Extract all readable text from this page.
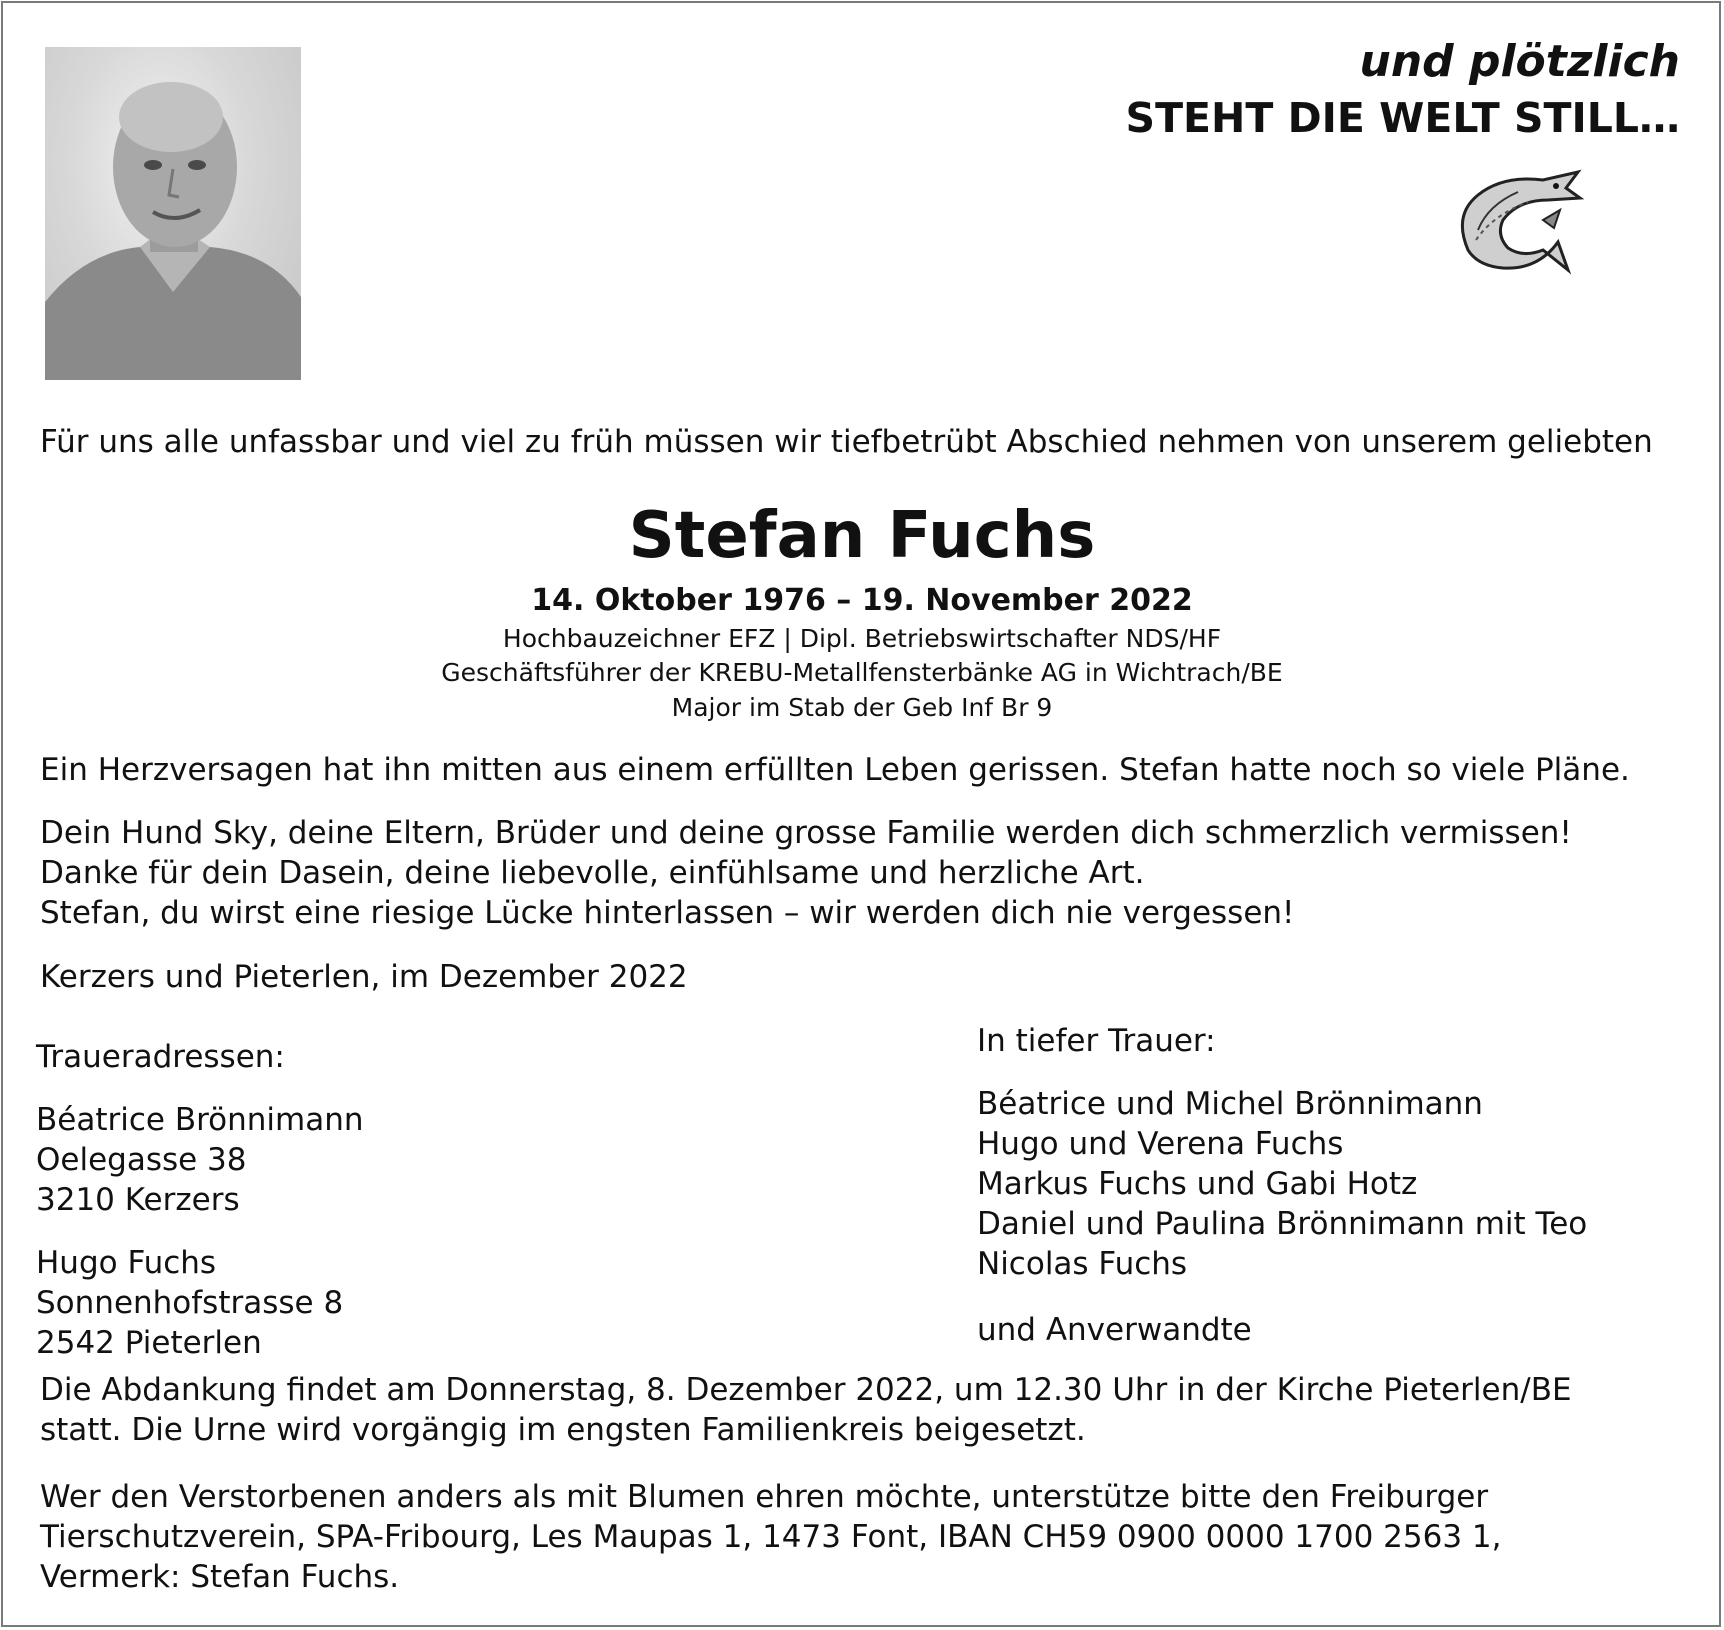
und plötzlich
STEHT DIE WELT STILL…
Für uns alle unfassbar und viel zu früh müssen wir tiefbetrübt Abschied nehmen von unserem geliebten
Stefan Fuchs
14. Oktober 1976 – 19. November 2022
Hochbauzeichner EFZ | Dipl. Betriebswirtschafter NDS/HF
Geschäftsführer der KREBU-Metallfensterbänke AG in Wichtrach/BE
Major im Stab der Geb Inf Br 9
Ein Herzversagen hat ihn mitten aus einem erfüllten Leben gerissen. Stefan hatte noch so viele Pläne.
Dein Hund Sky, deine Eltern, Brüder und deine grosse Familie werden dich schmerzlich vermissen!
Danke für dein Dasein, deine liebevolle, einfühlsame und herzliche Art.
Stefan, du wirst eine riesige Lücke hinterlassen – wir werden dich nie vergessen!
Kerzers und Pieterlen, im Dezember 2022
Traueradressen:
Béatrice Brönnimann
Oelegasse 38
3210 Kerzers
Hugo Fuchs
Sonnenhofstrasse 8
2542 Pieterlen
In tiefer Trauer:
Béatrice und Michel Brönnimann
Hugo und Verena Fuchs
Markus Fuchs und Gabi Hotz
Daniel und Paulina Brönnimann mit Teo
Nicolas Fuchs
und Anverwandte
Die Abdankung findet am Donnerstag, 8. Dezember 2022, um 12.30 Uhr in der Kirche Pieterlen/BE
statt. Die Urne wird vorgängig im engsten Familienkreis beigesetzt.
Wer den Verstorbenen anders als mit Blumen ehren möchte, unterstütze bitte den Freiburger
Tierschutzverein, SPA-Fribourg, Les Maupas 1, 1473 Font, IBAN CH59 0900 0000 1700 2563 1,
Vermerk: Stefan Fuchs.
